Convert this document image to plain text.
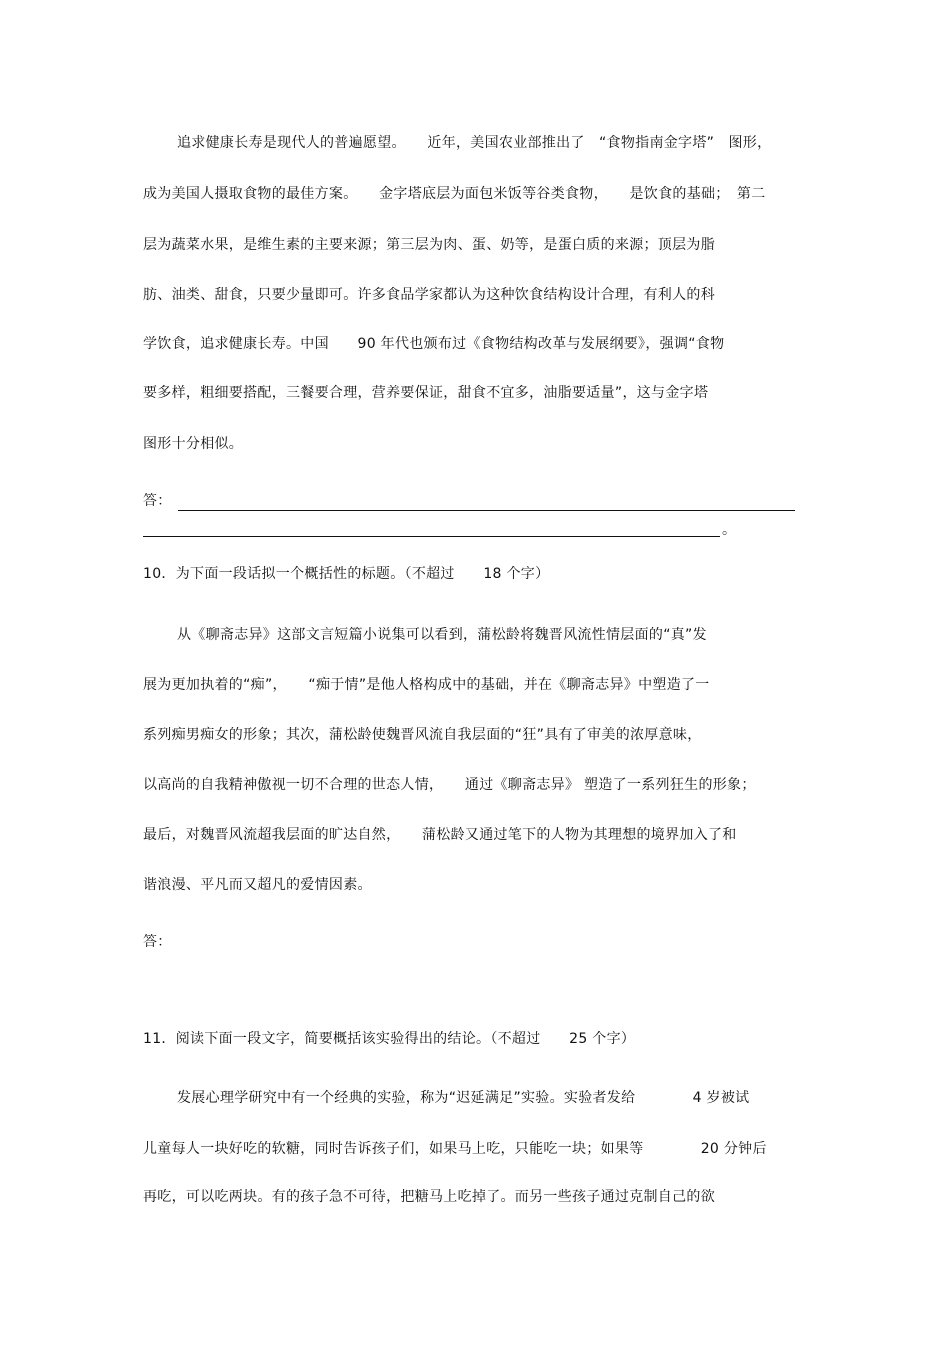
追求健康长寿是现代人的普遍愿望。　　近年，美国农业部推出了　“食物指南金字塔”　图形，
成为美国人摄取食物的最佳方案。　　金字塔底层为面包米饭等谷类食物，　　是饮食的基础；　第二
层为蔬菜水果，是维生素的主要来源；第三层为肉、蛋、奶等，是蛋白质的来源；顶层为脂
肪、油类、甜食，只要少量即可。许多食品学家都认为这种饮食结构设计合理，有利人的科
学饮食，追求健康长寿。中国　　90 年代也颁布过《食物结构改革与发展纲要》，强调“食物
要多样，粗细要搭配，三餐要合理，营养要保证，甜食不宜多，油脂要适量”，这与金字塔
图形十分相似。
答：
。
10．为下面一段话拟一个概括性的标题。（不超过　　18 个字）
从《聊斋志异》这部文言短篇小说集可以看到，蒲松龄将魏晋风流性情层面的“真”发
展为更加执着的“痴”，　　“痴于情”是他人格构成中的基础，并在《聊斋志异》中塑造了一
系列痴男痴女的形象；其次，蒲松龄使魏晋风流自我层面的“狂”具有了审美的浓厚意味，
以高尚的自我精神傲视一切不合理的世态人情，　　通过《聊斋志异》 塑造了一系列狂生的形象；
最后，对魏晋风流超我层面的旷达自然，　　蒲松龄又通过笔下的人物为其理想的境界加入了和
谐浪漫、平凡而又超凡的爱情因素。
答：
11．阅读下面一段文字，简要概括该实验得出的结论。（不超过　　25 个字）
发展心理学研究中有一个经典的实验，称为“迟延满足”实验。实验者发给　　　　4 岁被试
儿童每人一块好吃的软糖，同时告诉孩子们，如果马上吃，只能吃一块；如果等　　　　20 分钟后
再吃，可以吃两块。有的孩子急不可待，把糖马上吃掉了。而另一些孩子通过克制自己的欲
